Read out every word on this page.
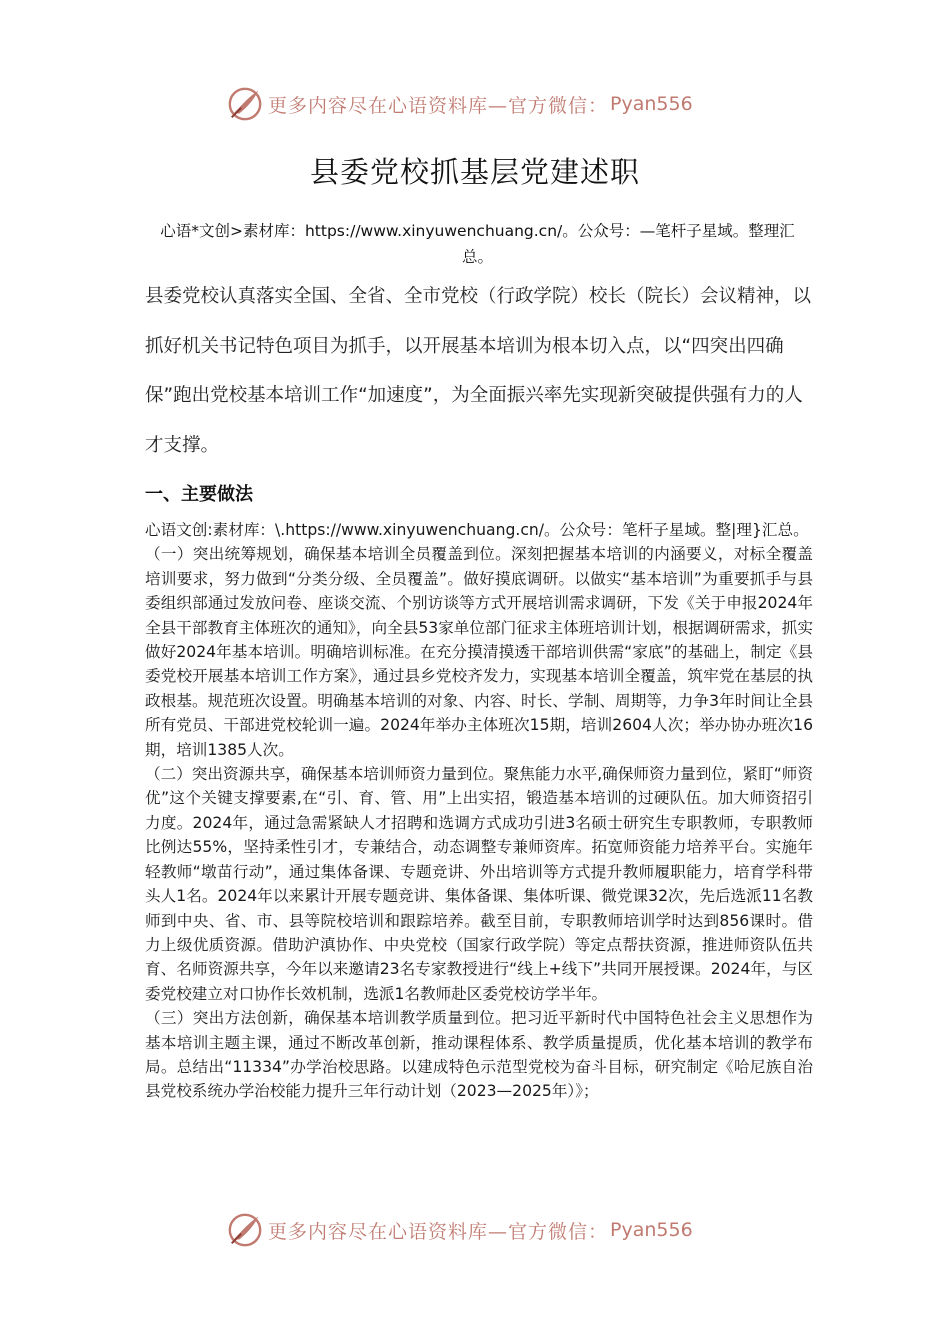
更多内容尽在心语资料库—官方微信： Pyan556
县委党校抓基层党建述职
心语*文创>素材库：https://www.xinyuwenchuang.cn/。公众号：—笔杆子星域。整理汇总。
县委党校认真落实全国、全省、全市党校（行政学院）校长（院长）会议精神，以抓好机关书记特色项目为抓手，以开展基本培训为根本切入点，以“四突出四确保”跑出党校基本培训工作“加速度”，为全面振兴率先实现新突破提供强有力的人才支撑。
一、主要做法

心语文创:素材库：\.https://www.xinyuwenchuang.cn/。公众号：笔杆子星域。整|理}汇总。

（一）突出统筹规划，确保基本培训全员覆盖到位。深刻把握基本培训的内涵要义，对标全覆盖培训要求，努力做到“分类分级、全员覆盖”。做好摸底调研。以做实“基本培训”为重要抓手与县委组织部通过发放问卷、座谈交流、个别访谈等方式开展培训需求调研，下发《关于申报2024年全县干部教育主体班次的通知》，向全县53家单位部门征求主体班培训计划，根据调研需求，抓实做好2024年基本培训。明确培训标准。在充分摸清摸透干部培训供需“家底”的基础上，制定《县委党校开展基本培训工作方案》，通过县乡党校齐发力，实现基本培训全覆盖，筑牢党在基层的执政根基。规范班次设置。明确基本培训的对象、内容、时长、学制、周期等，力争3年时间让全县所有党员、干部进党校轮训一遍。2024年举办主体班次15期，培训2604人次；举办协办班次16期，培训1385人次。

（二）突出资源共享，确保基本培训师资力量到位。聚焦能力水平,确保师资力量到位，紧盯“师资优”这个关键支撑要素,在“引、育、管、用”上出实招，锻造基本培训的过硬队伍。加大师资招引力度。2024年，通过急需紧缺人才招聘和选调方式成功引进3名硕士研究生专职教师，专职教师比例达55%，坚持柔性引才，专兼结合，动态调整专兼师资库。拓宽师资能力培养平台。实施年轻教师“墩苗行动”，通过集体备课、专题竞讲、外出培训等方式提升教师履职能力，培育学科带头人1名。2024年以来累计开展专题竞讲、集体备课、集体听课、微党课32次，先后选派11名教师到中央、省、市、县等院校培训和跟踪培养。截至目前，专职教师培训学时达到856课时。借力上级优质资源。借助沪滇协作、中央党校（国家行政学院）等定点帮扶资源，推进师资队伍共育、名师资源共享，今年以来邀请23名专家教授进行“线上+线下”共同开展授课。2024年，与区委党校建立对口协作长效机制，选派1名教师赴区委党校访学半年。

（三）突出方法创新，确保基本培训教学质量到位。把习近平新时代中国特色社会主义思想作为基本培训主题主课，通过不断改革创新，推动课程体系、教学质量提质，优化基本培训的教学布局。总结出“11334”办学治校思路。以建成特色示范型党校为奋斗目标，研究制定《哈尼族自治县党校系统办学治校能力提升三年行动计划（2023—2025年）》；

更多内容尽在心语资料库—官方微信： Pyan556
